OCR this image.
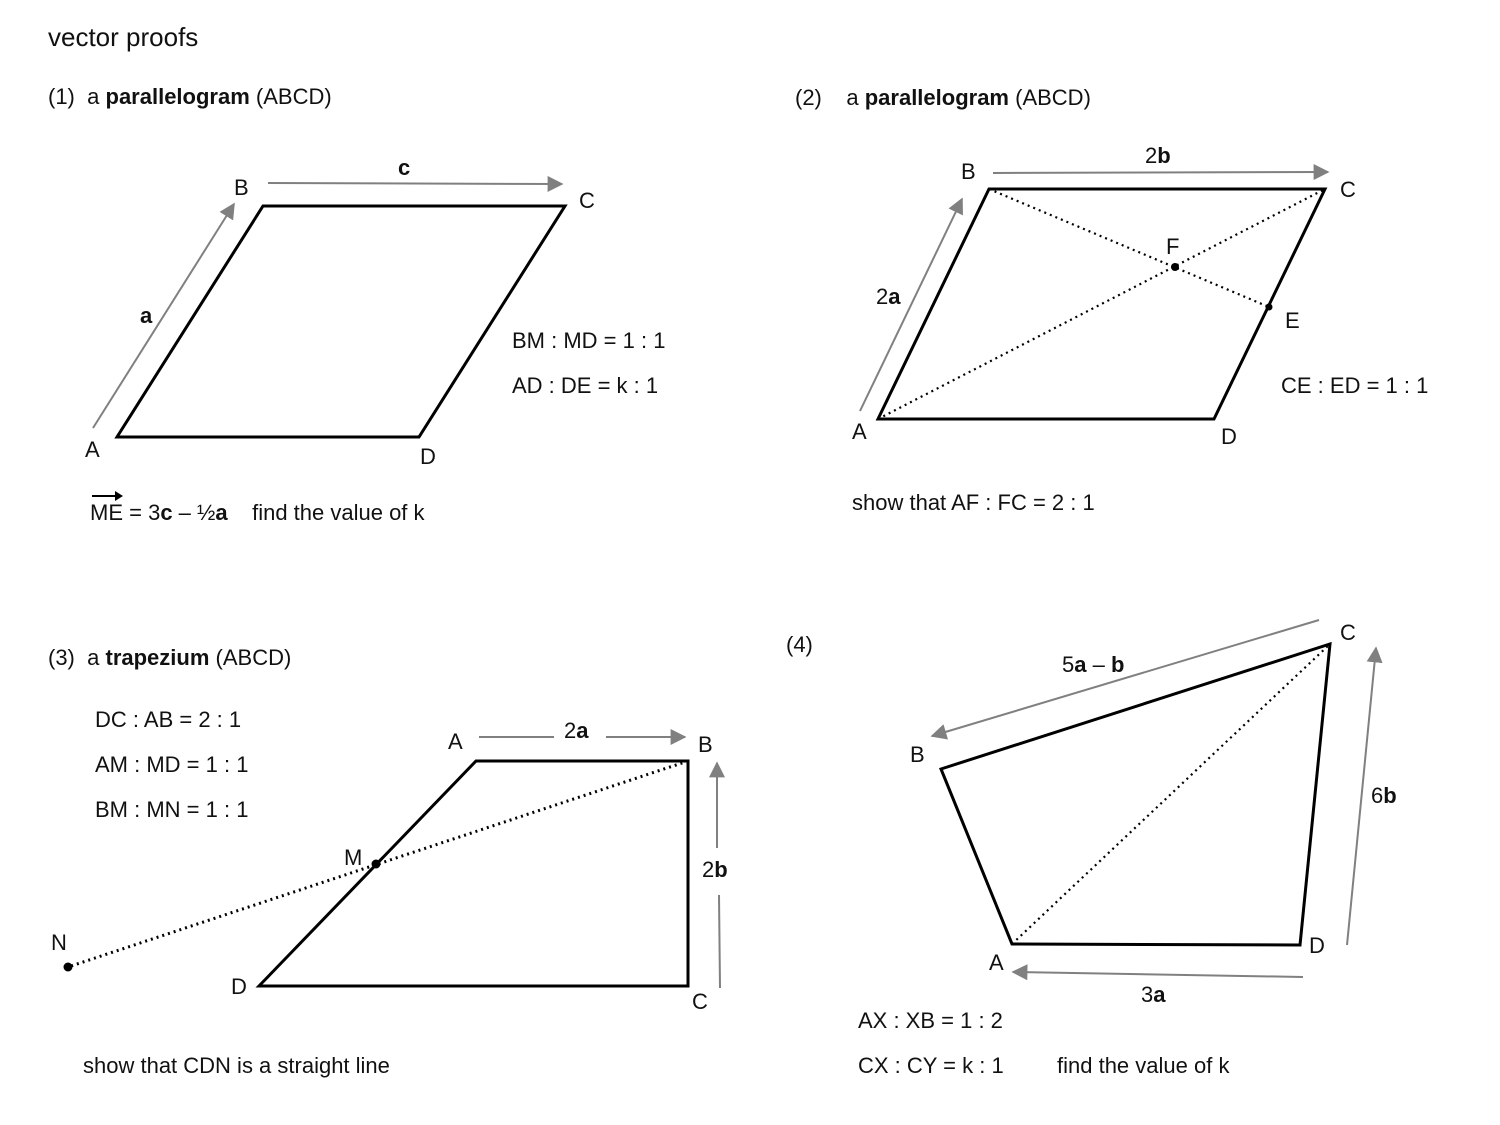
vector proofs
(1) a parallelogram (ABCD)
B
C
A	D
a
c
BM : MD = 1 : 1
AD : DE = k : 1
ME = 3c – ½a find the value of k
(2) a parallelogram (ABCD)
B
C
A	D
F
E
2a
2b
CE : ED = 1 : 1
show that AF : FC = 2 : 1
(3) a trapezium (ABCD)
DC : AB = 2 : 1
AM : MD = 1 : 1
BM : MN = 1 : 1
A	B
C
D
M
N
2a
2b
show that CDN is a straight line
(4)	C
B
A
D
5a – b
6b
3a
AX : XB = 1 : 2
CX : CY = k : 1 find the value of k
